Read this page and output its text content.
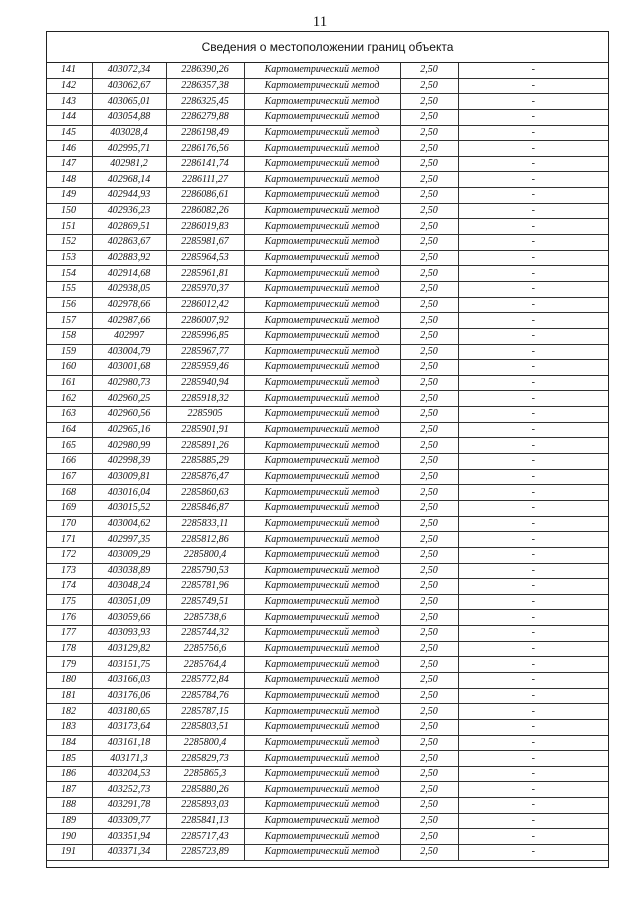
11
Сведения о местоположении границ объекта
141	403072,34	2286390,26	Картометрический метод	2,50	-
142	403062,67	2286357,38	Картометрический метод	2,50	-
143	403065,01	2286325,45	Картометрический метод	2,50	-
144	403054,88	2286279,88	Картометрический метод	2,50	-
145	403028,4	2286198,49	Картометрический метод	2,50	-
146	402995,71	2286176,56	Картометрический метод	2,50	-
147	402981,2	2286141,74	Картометрический метод	2,50	-
148	402968,14	2286111,27	Картометрический метод	2,50	-
149	402944,93	2286086,61	Картометрический метод	2,50	-
150	402936,23	2286082,26	Картометрический метод	2,50	-
151	402869,51	2286019,83	Картометрический метод	2,50	-
152	402863,67	2285981,67	Картометрический метод	2,50	-
153	402883,92	2285964,53	Картометрический метод	2,50	-
154	402914,68	2285961,81	Картометрический метод	2,50	-
155	402938,05	2285970,37	Картометрический метод	2,50	-
156	402978,66	2286012,42	Картометрический метод	2,50	-
157	402987,66	2286007,92	Картометрический метод	2,50	-
158	402997	2285996,85	Картометрический метод	2,50	-
159	403004,79	2285967,77	Картометрический метод	2,50	-
160	403001,68	2285959,46	Картометрический метод	2,50	-
161	402980,73	2285940,94	Картометрический метод	2,50	-
162	402960,25	2285918,32	Картометрический метод	2,50	-
163	402960,56	2285905	Картометрический метод	2,50	-
164	402965,16	2285901,91	Картометрический метод	2,50	-
165	402980,99	2285891,26	Картометрический метод	2,50	-
166	402998,39	2285885,29	Картометрический метод	2,50	-
167	403009,81	2285876,47	Картометрический метод	2,50	-
168	403016,04	2285860,63	Картометрический метод	2,50	-
169	403015,52	2285846,87	Картометрический метод	2,50	-
170	403004,62	2285833,11	Картометрический метод	2,50	-
171	402997,35	2285812,86	Картометрический метод	2,50	-
172	403009,29	2285800,4	Картометрический метод	2,50	-
173	403038,89	2285790,53	Картометрический метод	2,50	-
174	403048,24	2285781,96	Картометрический метод	2,50	-
175	403051,09	2285749,51	Картометрический метод	2,50	-
176	403059,66	2285738,6	Картометрический метод	2,50	-
177	403093,93	2285744,32	Картометрический метод	2,50	-
178	403129,82	2285756,6	Картометрический метод	2,50	-
179	403151,75	2285764,4	Картометрический метод	2,50	-
180	403166,03	2285772,84	Картометрический метод	2,50	-
181	403176,06	2285784,76	Картометрический метод	2,50	-
182	403180,65	2285787,15	Картометрический метод	2,50	-
183	403173,64	2285803,51	Картометрический метод	2,50	-
184	403161,18	2285800,4	Картометрический метод	2,50	-
185	403171,3	2285829,73	Картометрический метод	2,50	-
186	403204,53	2285865,3	Картометрический метод	2,50	-
187	403252,73	2285880,26	Картометрический метод	2,50	-
188	403291,78	2285893,03	Картометрический метод	2,50	-
189	403309,77	2285841,13	Картометрический метод	2,50	-
190	403351,94	2285717,43	Картометрический метод	2,50	-
191	403371,34	2285723,89	Картометрический метод	2,50	-
